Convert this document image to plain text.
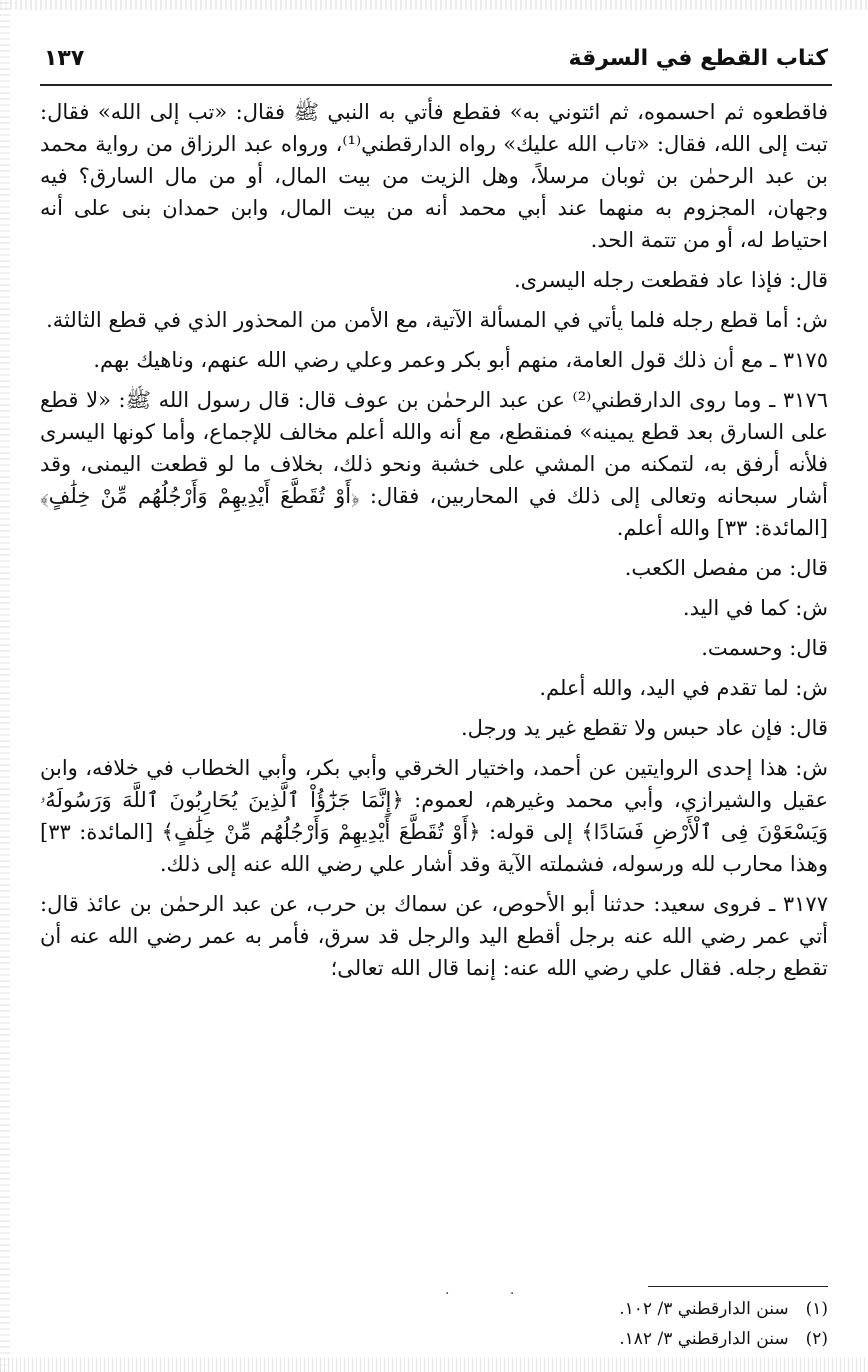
كتاب القطع في السرقة
١٣٧

فاقطعوه ثم احسموه، ثم ائتوني به» فقطع فأتي به النبي ﷺ فقال: «تب إلى الله» فقال: تبت إلى الله، فقال: «تاب الله عليك» رواه الدارقطني⁽¹⁾، ورواه عبد الرزاق من رواية محمد بن عبد الرحمٰن بن ثوبان مرسلاً، وهل الزيت من بيت المال، أو من مال السارق؟ فيه وجهان، المجزوم به منهما عند أبي محمد أنه من بيت المال، وابن حمدان بنى على أنه احتياط له، أو من تتمة الحد.

قال: فإذا عاد فقطعت رجله اليسرى.

ش: أما قطع رجله فلما يأتي في المسألة الآتية، مع الأمن من المحذور الذي في قطع الثالثة.

٣١٧٥ ـ مع أن ذلك قول العامة، منهم أبو بكر وعمر وعلي رضي الله عنهم، وناهيك بهم.

٣١٧٦ ـ وما روى الدارقطني⁽²⁾ عن عبد الرحمٰن بن عوف قال: قال رسول الله ﷺ: «لا قطع على السارق بعد قطع يمينه» فمنقطع، مع أنه والله أعلم مخالف للإجماع، وأما كونها اليسرى فلأنه أرفق به، لتمكنه من المشي على خشبة ونحو ذلك، بخلاف ما لو قطعت اليمنى، وقد أشار سبحانه وتعالى إلى ذلك في المحاربين، فقال: ﴿أَوْ تُقَطَّعَ أَيْدِيهِمْ وَأَرْجُلُهُم مِّنْ خِلَٰفٍ﴾ [المائدة: ٣٣] والله أعلم.

قال: من مفصل الكعب.

ش: كما في اليد.

قال: وحسمت.

ش: لما تقدم في اليد، والله أعلم.

قال: فإن عاد حبس ولا تقطع غير يد ورجل.

ش: هذا إحدى الروايتين عن أحمد، واختيار الخرقي وأبي بكر، وأبي الخطاب في خلافه، وابن عقيل والشيرازي، وأبي محمد وغيرهم، لعموم: ﴿إِنَّمَا جَزَٰٓؤُاْ ٱلَّذِينَ يُحَارِبُونَ ٱللَّهَ وَرَسُولَهُۥ وَيَسْعَوْنَ فِى ٱلْأَرْضِ فَسَادًا﴾ إلى قوله: ﴿أَوْ تُقَطَّعَ أَيْدِيهِمْ وَأَرْجُلُهُم مِّنْ خِلَٰفٍ﴾ [المائدة: ٣٣] وهذا محارب لله ورسوله، فشملته الآية وقد أشار علي رضي الله عنه إلى ذلك.

٣١٧٧ ـ فروى سعيد: حدثنا أبو الأحوص، عن سماك بن حرب، عن عبد الرحمٰن بن عائذ قال: أتي عمر رضي الله عنه برجل أقطع اليد والرجل قد سرق، فأمر به عمر رضي الله عنه أن تقطع رجله. فقال علي رضي الله عنه: إنما قال الله تعالى؛

. .

(١) سنن الدارقطني ٣/ ١٠٢.

(٢) سنن الدارقطني ٣/ ١٨٢.
